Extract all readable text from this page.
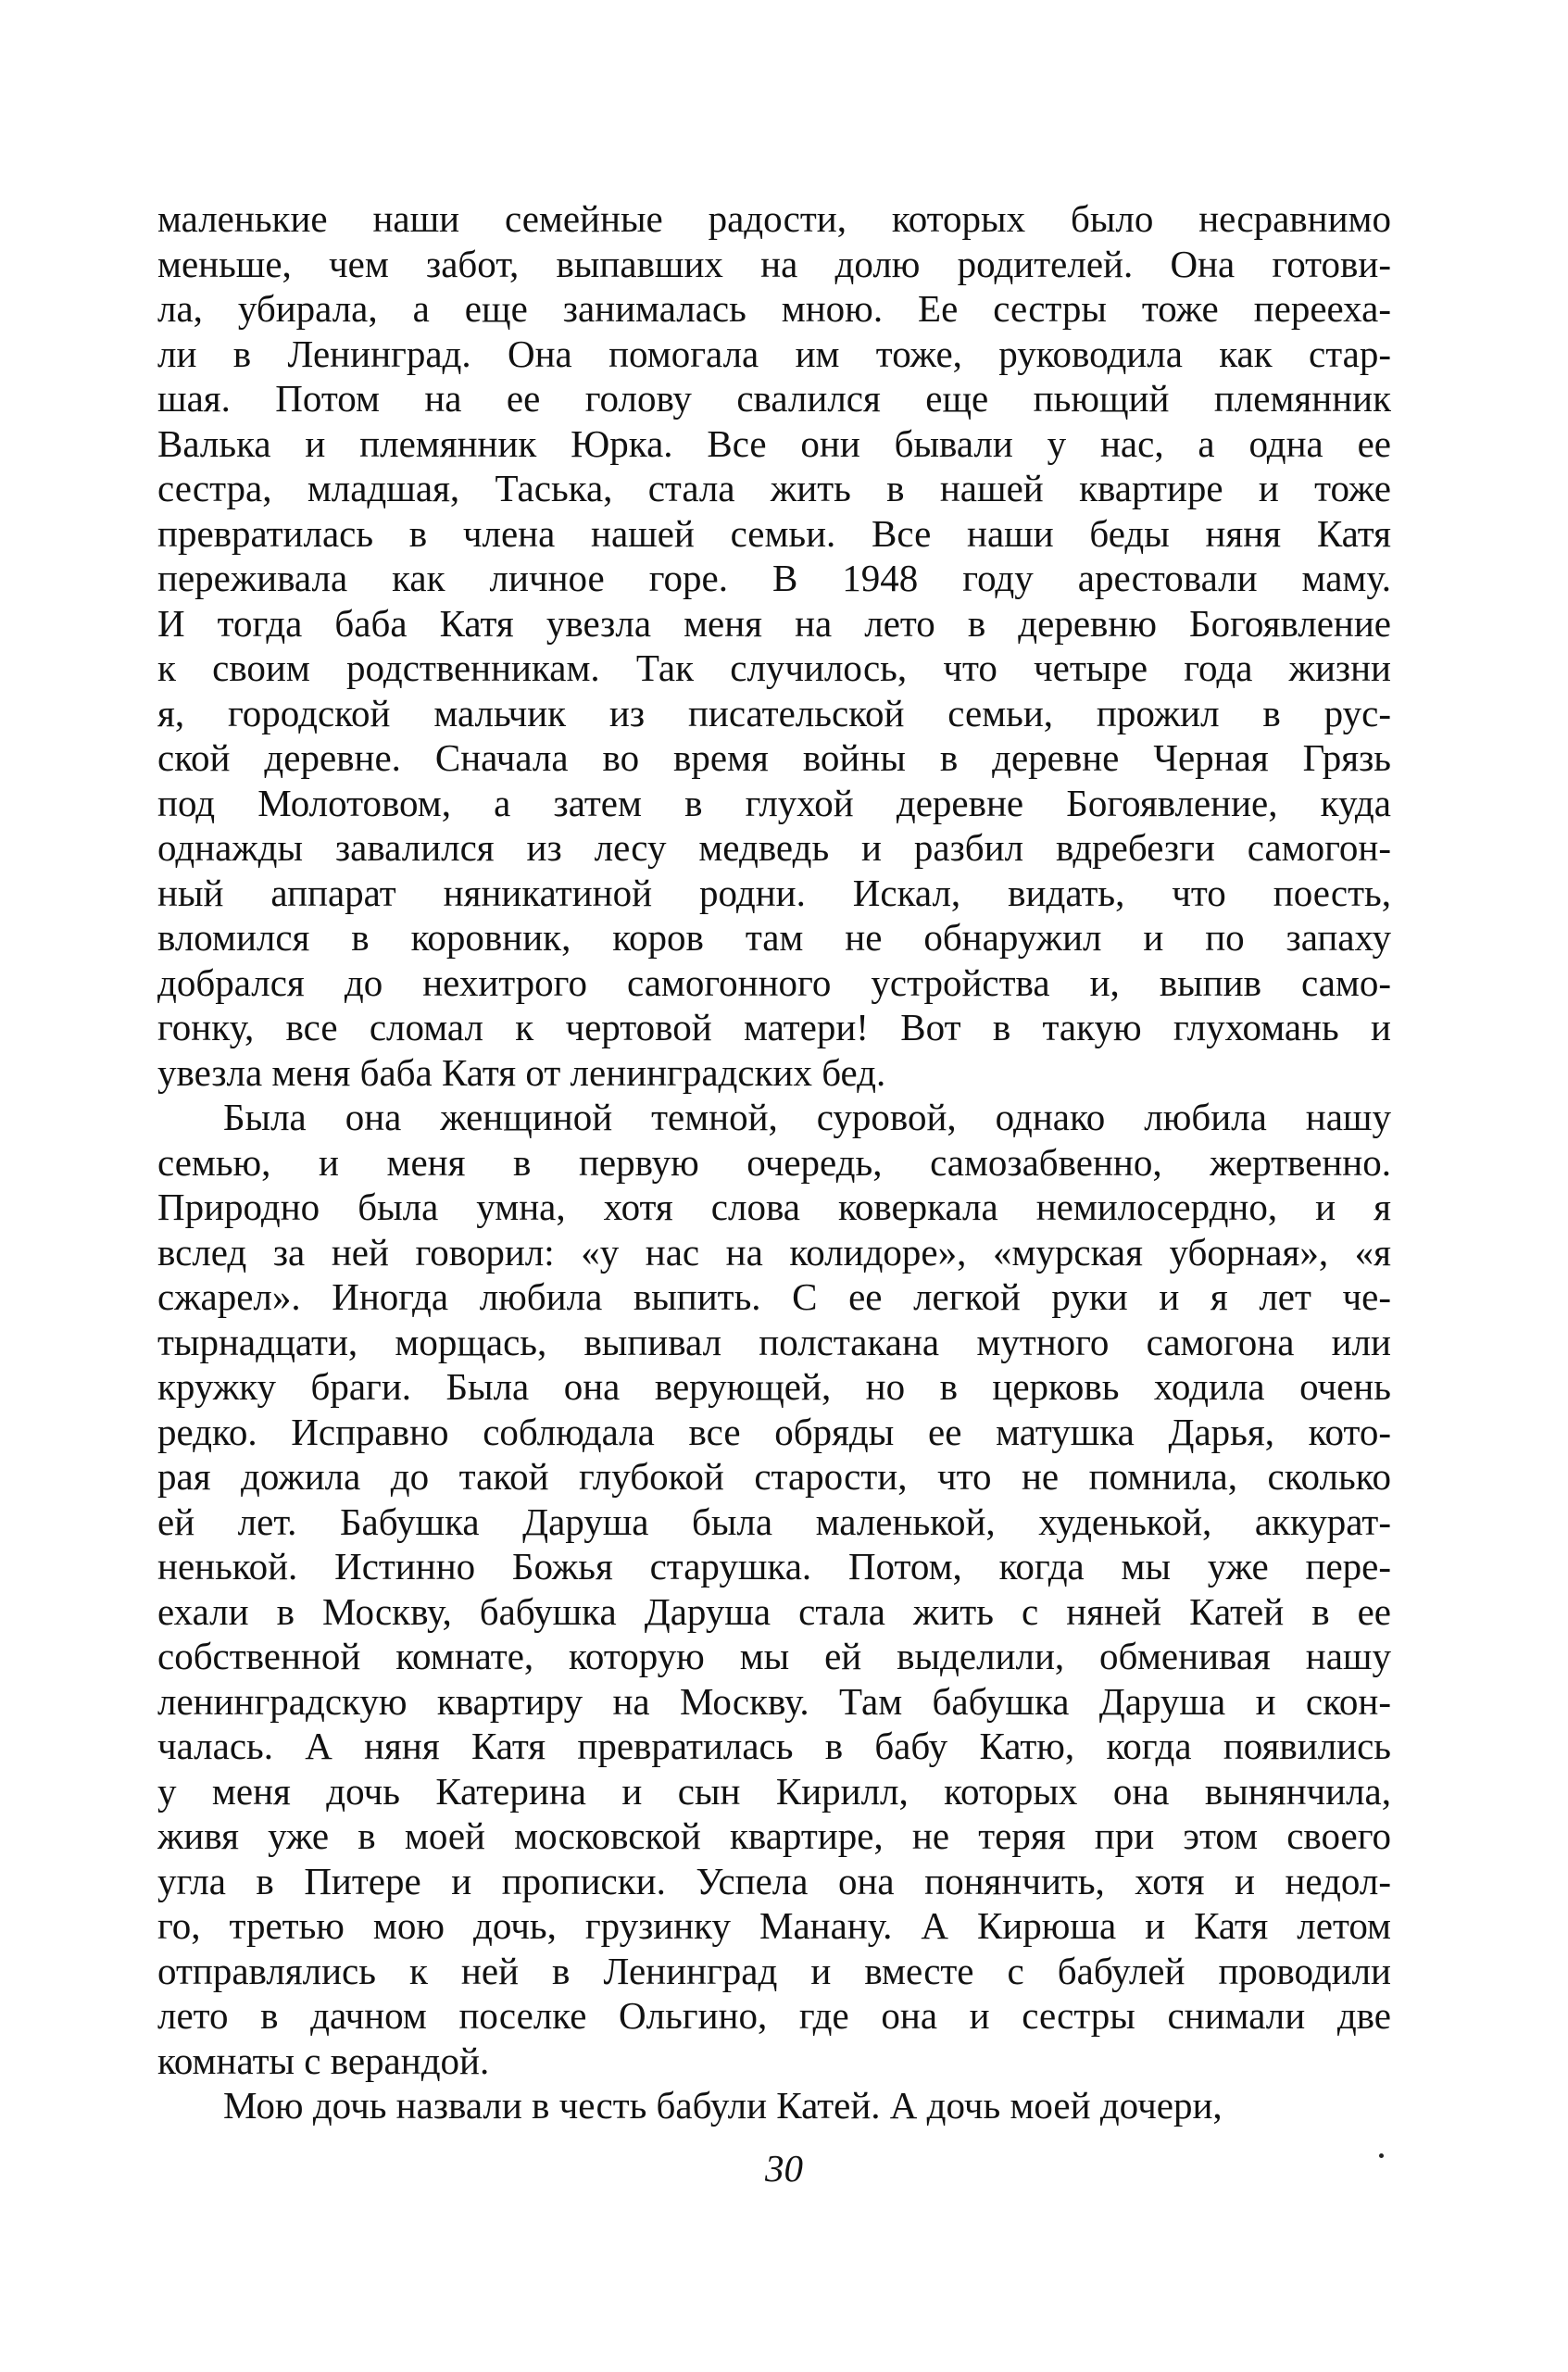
маленькие наши семейные радости, которых было несравнимо
меньше, чем забот, выпавших на долю родителей. Она готови-
ла, убирала, а еще занималась мною. Ее сестры тоже перееха-
ли в Ленинград. Она помогала им тоже, руководила как стар-
шая. Потом на ее голову свалился еще пьющий племянник
Валька и племянник Юрка. Все они бывали у нас, а одна ее
сестра, младшая, Таська, стала жить в нашей квартире и тоже
превратилась в члена нашей семьи. Все наши беды няня Катя
переживала как личное горе. В 1948 году арестовали маму.
И тогда баба Катя увезла меня на лето в деревню Богоявление
к своим родственникам. Так случилось, что четыре года жизни
я, городской мальчик из писательской семьи, прожил в рус-
ской деревне. Сначала во время войны в деревне Черная Грязь
под Молотовом, а затем в глухой деревне Богоявление, куда
однажды завалился из лесу медведь и разбил вдребезги самогон-
ный аппарат няникатиной родни. Искал, видать, что поесть,
вломился в коровник, коров там не обнаружил и по запаху
добрался до нехитрого самогонного устройства и, выпив само-
гонку, все сломал к чертовой матери! Вот в такую глухомань и
увезла меня баба Катя от ленинградских бед.
Была она женщиной темной, суровой, однако любила нашу
семью, и меня в первую очередь, самозабвенно, жертвенно.
Природно была умна, хотя слова коверкала немилосердно, и я
вслед за ней говорил: «у нас на колидоре», «мурская уборная», «я
сжарел». Иногда любила выпить. С ее легкой руки и я лет че-
тырнадцати, морщась, выпивал полстакана мутного самогона или
кружку браги. Была она верующей, но в церковь ходила очень
редко. Исправно соблюдала все обряды ее матушка Дарья, кото-
рая дожила до такой глубокой старости, что не помнила, сколько
ей лет. Бабушка Даруша была маленькой, худенькой, аккурат-
ненькой. Истинно Божья старушка. Потом, когда мы уже пере-
ехали в Москву, бабушка Даруша стала жить с няней Катей в ее
собственной комнате, которую мы ей выделили, обменивая нашу
ленинградскую квартиру на Москву. Там бабушка Даруша и скон-
чалась. А няня Катя превратилась в бабу Катю, когда появились
у меня дочь Катерина и сын Кирилл, которых она вынянчила,
живя уже в моей московской квартире, не теряя при этом своего
угла в Питере и прописки. Успела она понянчить, хотя и недол-
го, третью мою дочь, грузинку Манану. А Кирюша и Катя летом
отправлялись к ней в Ленинград и вместе с бабулей проводили
лето в дачном поселке Ольгино, где она и сестры снимали две
комнаты с верандой.
Мою дочь назвали в честь бабули Катей. А дочь моей дочери,
30
